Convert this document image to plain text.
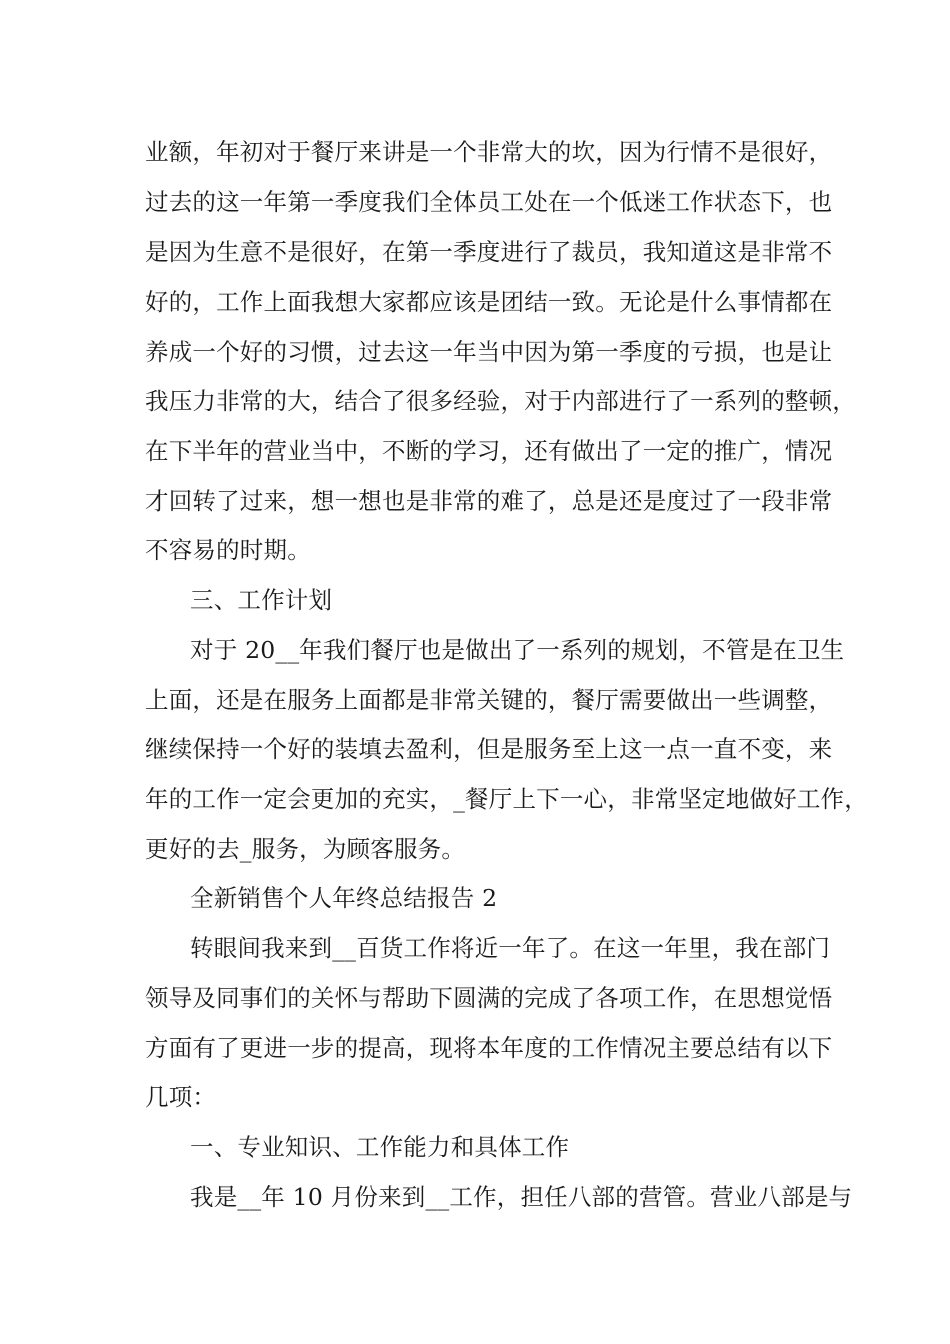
业额，年初对于餐厅来讲是一个非常大的坎，因为行情不是很好，
过去的这一年第一季度我们全体员工处在一个低迷工作状态下，也
是因为生意不是很好，在第一季度进行了裁员，我知道这是非常不
好的，工作上面我想大家都应该是团结一致。无论是什么事情都在
养成一个好的习惯，过去这一年当中因为第一季度的亏损，也是让
我压力非常的大，结合了很多经验，对于内部进行了一系列的整顿，
在下半年的营业当中，不断的学习，还有做出了一定的推广，情况
才回转了过来，想一想也是非常的难了，总是还是度过了一段非常
不容易的时期。
三、工作计划
对于 20__年我们餐厅也是做出了一系列的规划，不管是在卫生
上面，还是在服务上面都是非常关键的，餐厅需要做出一些调整，
继续保持一个好的装填去盈利，但是服务至上这一点一直不变，来
年的工作一定会更加的充实，_餐厅上下一心，非常坚定地做好工作，
更好的去_服务，为顾客服务。
全新销售个人年终总结报告 2
转眼间我来到__百货工作将近一年了。在这一年里，我在部门
领导及同事们的关怀与帮助下圆满的完成了各项工作，在思想觉悟
方面有了更进一步的提高，现将本年度的工作情况主要总结有以下
几项：
一、专业知识、工作能力和具体工作
我是__年 10 月份来到__工作，担任八部的营管。营业八部是与
